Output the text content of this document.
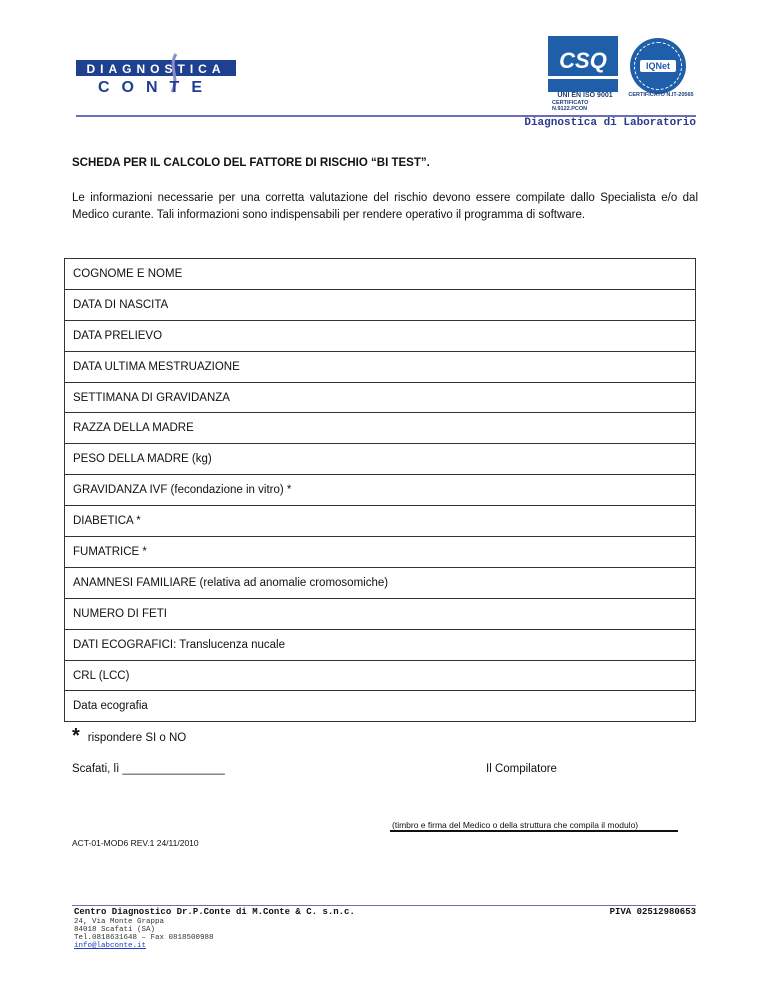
DIAGNOSTICA
CONTE
CSQ
UNI EN ISO 9001
CERTIFICATO N.9122.PCON
IQNet
CERTIFICATO N.IT-20565
Diagnostica di Laboratorio
SCHEDA PER IL CALCOLO DEL FATTORE DI RISCHIO “BI TEST”.
Le informazioni necessarie per una corretta valutazione del rischio devono essere compilate dallo Specialista e/o dal Medico curante. Tali informazioni sono indispensabili per rendere operativo il programma di software.
COGNOME E NOME
DATA DI NASCITA
DATA PRELIEVO
DATA ULTIMA MESTRUAZIONE
SETTIMANA DI GRAVIDANZA
RAZZA DELLA MADRE
PESO DELLA MADRE (kg)
GRAVIDANZA IVF (fecondazione in vitro) *
DIABETICA *
FUMATRICE *
ANAMNESI FAMILIARE (relativa ad anomalie cromosomiche)
NUMERO DI FETI
DATI ECOGRAFICI: Translucenza nucale
CRL (LCC)
Data ecografia
* rispondere SI o NO
Scafati, lì ________________	Il Compilatore
(timbro e firma del Medico o della struttura che compila il modulo)
ACT-01-MOD6 REV.1 24/11/2010
Centro Diagnostico Dr.P.Conte di M.Conte & C. s.n.c.	PIVA 02512980653
24, Via Monte Grappa
84018 Scafati (SA)
Tel.0818631648 – Fax 0818500988
info@labconte.it
